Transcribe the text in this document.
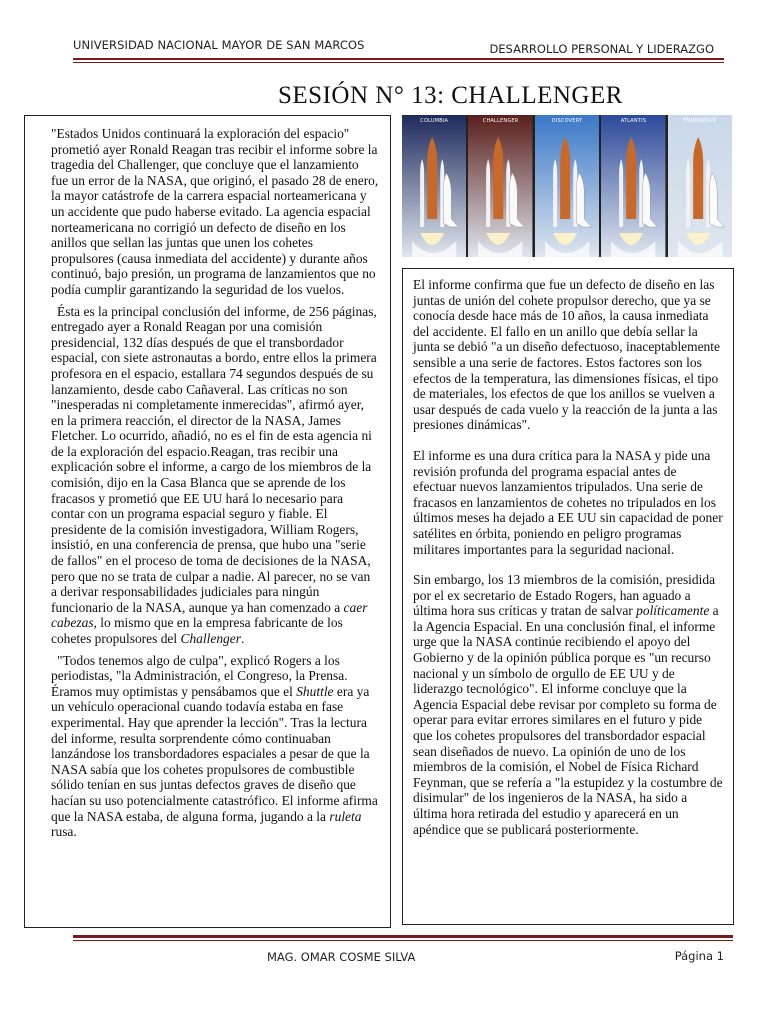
UNIVERSIDAD NACIONAL MAYOR DE SAN MARCOS	DESARROLLO PERSONAL Y LIDERAZGO
SESIÓN N° 13: CHALLENGER

"Estados Unidos continuará la exploración del espacio" prometió ayer Ronald Reagan tras recibir el informe sobre la tragedia del Challenger, que concluye que el lanzamiento fue un error de la NASA, que originó, el pasado 28 de enero, la mayor catástrofe de la carrera espacial norteamericana y un accidente que pudo haberse evitado. La agencia espacial norteamericana no corrigió un defecto de diseño en los anillos que sellan las juntas que unen los cohetes propulsores (causa inmediata del accidente) y durante años continuó, bajo presión, un programa de lanzamientos que no podía cumplir garantizando la seguridad de los vuelos.

Ésta es la principal conclusión del informe, de 256 páginas, entregado ayer a Ronald Reagan por una comisión presidencial, 132 días después de que el transbordador espacial, con siete astronautas a bordo, entre ellos la primera profesora en el espacio, estallara 74 segundos después de su lanzamiento, desde cabo Cañaveral. Las críticas no son "inesperadas ni completamente inmerecidas", afirmó ayer, en la primera reacción, el director de la NASA, James Fletcher. Lo ocurrido, añadió, no es el fin de esta agencia ni de la exploración del espacio.Reagan, tras recibir una explicación sobre el informe, a cargo de los miembros de la comisión, dijo en la Casa Blanca que se aprende de los fracasos y prometió que EE UU hará lo necesario para contar con un programa espacial seguro y fiable. El presidente de la comisión investigadora, William Rogers, insistió, en una conferencia de prensa, que hubo una "serie de fallos" en el proceso de toma de decisiones de la NASA, pero que no se trata de culpar a nadie. Al parecer, no se van a derivar responsabilidades judiciales para ningún funcionario de la NASA, aunque ya han comenzado a caer cabezas, lo mismo que en la empresa fabricante de los cohetes propulsores del Challenger.

"Todos tenemos algo de culpa", explicó Rogers a los periodistas, "la Administración, el Congreso, la Prensa. Éramos muy optimistas y pensábamos que el Shuttle era ya un vehículo operacional cuando todavía estaba en fase experimental. Hay que aprender la lección". Tras la lectura del informe, resulta sorprendente cómo continuaban lanzándose los transbordadores espaciales a pesar de que la NASA sabía que los cohetes propulsores de combustible sólido tenían en sus juntas defectos graves de diseño que hacían su uso potencialmente catastrófico. El informe afirma que la NASA estaba, de alguna forma, jugando a la ruleta rusa.

COLUMBIA	CHALLENGER	DISCOVERY	ATLANTIS	ENDEAVOUR

El informe confirma que fue un defecto de diseño en las juntas de unión del cohete propulsor derecho, que ya se conocía desde hace más de 10 años, la causa inmediata del accidente. El fallo en un anillo que debía sellar la junta se debió "a un diseño defectuoso, inaceptablemente sensible a una serie de factores. Estos factores son los efectos de la temperatura, las dimensiones físicas, el tipo de materiales, los efectos de que los anillos se vuelven a usar después de cada vuelo y la reacción de la junta a las presiones dinámicas".

El informe es una dura crítica para la NASA y pide una revisión profunda del programa espacial antes de efectuar nuevos lanzamientos tripulados. Una serie de fracasos en lanzamientos de cohetes no tripulados en los últimos meses ha dejado a EE UU sin capacidad de poner satélites en órbita, poniendo en peligro programas militares importantes para la seguridad nacional.

Sin embargo, los 13 miembros de la comisión, presidida por el ex secretario de Estado Rogers, han aguado a última hora sus críticas y tratan de salvar políticamente a la Agencia Espacial. En una conclusión final, el informe urge que la NASA continúe recibiendo el apoyo del Gobierno y de la opinión pública porque es "un recurso nacional y un símbolo de orgullo de EE UU y de liderazgo tecnológico". El informe concluye que la Agencia Espacial debe revisar por completo su forma de operar para evitar errores similares en el futuro y pide que los cohetes propulsores del transbordador espacial sean diseñados de nuevo. La opinión de uno de los miembros de la comisión, el Nobel de Física Richard Feynman, que se refería a "la estupidez y la costumbre de disimular" de los ingenieros de la NASA, ha sido a última hora retirada del estudio y aparecerá en un apéndice que se publicará posteriormente.

MAG. OMAR COSME SILVA	Página 1
